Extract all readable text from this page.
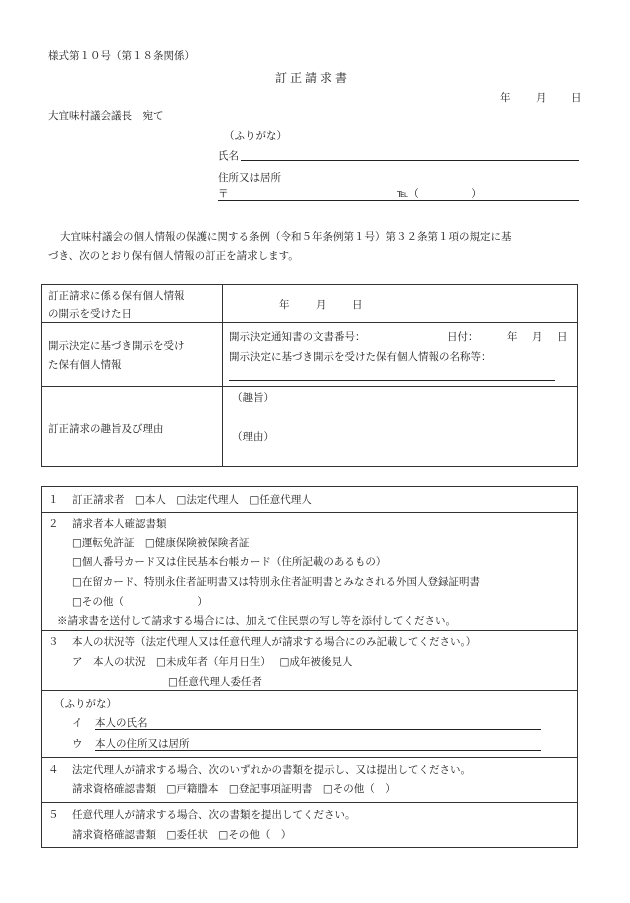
様式第１０号（第１８条関係）
訂正請求書
年 月 日
大宜味村議会議長　宛て
（ふりがな）
氏名
住所又は居所
〒	℡（　　　　　）
大宜味村議会の個人情報の保護に関する条例（令和５年条例第１号）第３２条第１項の規定に基
づき、次のとおり保有個人情報の訂正を請求します。
訂正請求に係る保有個人情報
の開示を受けた日
年	月 日
開示決定に基づき開示を受け
た保有個人情報
開示決定通知書の文書番号：	日付：	年 月 日
開示決定に基づき開示を受けた保有個人情報の名称等：
訂正請求の趣旨及び理由
（趣旨）
（理由）
１ 訂正請求者　□本人　□法定代理人　□任意代理人
２ 請求者本人確認書類
□運転免許証　□健康保険被保険者証
□個人番号カード又は住民基本台帳カード（住所記載のあるもの）
□在留カード、特別永住者証明書又は特別永住者証明書とみなされる外国人登録証明書
□その他（　　　　　　　）
※請求書を送付して請求する場合には、加えて住民票の写し等を添付してください。
３ 本人の状況等（法定代理人又は任意代理人が請求する場合にのみ記載してください。）
ア　本人の状況　□未成年者（年月日生）　 □成年被後見人
□任意代理人委任者
（ふりがな）
イ 本人の氏名
ウ 本人の住所又は居所
４ 法定代理人が請求する場合、次のいずれかの書類を提示し、又は提出してください。
請求資格確認書類　□戸籍謄本　□登記事項証明書　□その他（　）
５ 任意代理人が請求する場合、次の書類を提出してください。
請求資格確認書類　□委任状　□その他（　）
